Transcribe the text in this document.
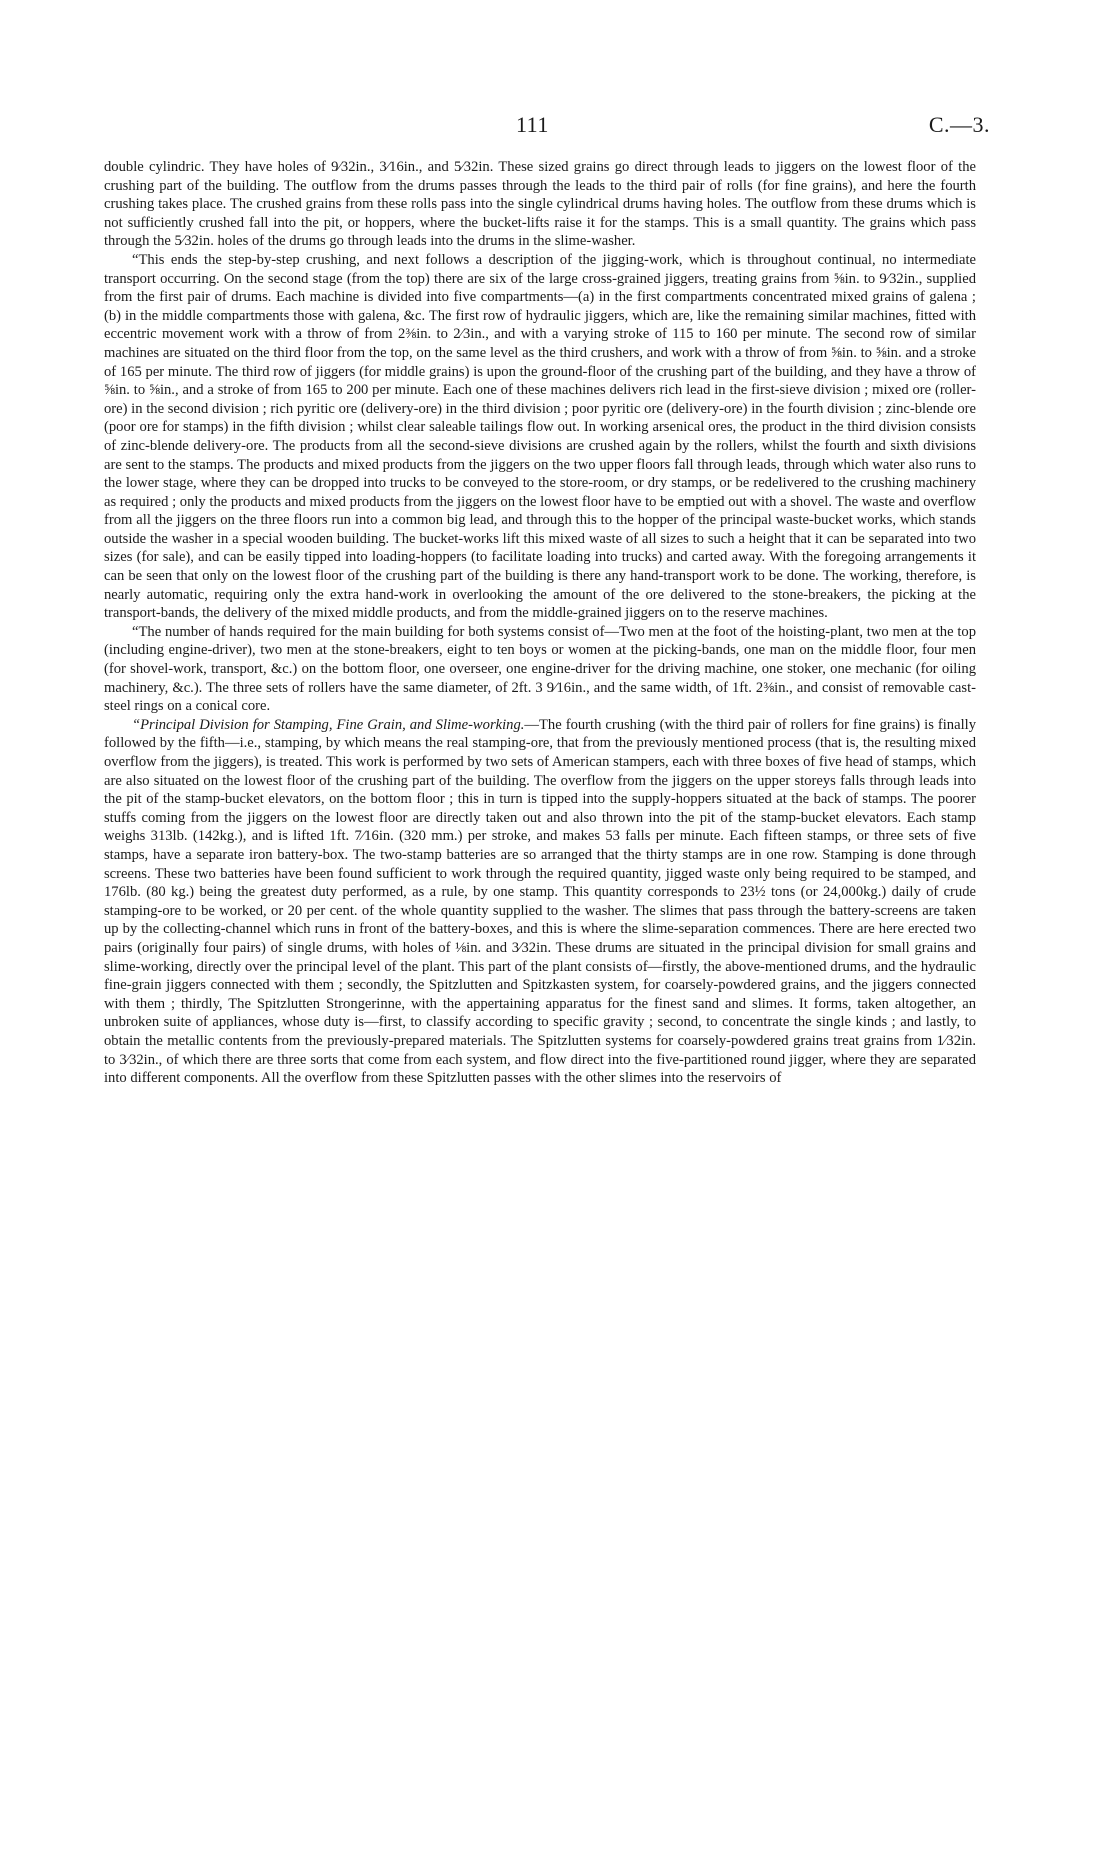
111	C.—3.

double cylindric. They have holes of 9⁄32in., 3⁄16in., and 5⁄32in. These sized grains go direct through leads to jiggers on the lowest floor of the crushing part of the building. The outflow from the drums passes through the leads to the third pair of rolls (for fine grains), and here the fourth crushing takes place. The crushed grains from these rolls pass into the single cylindrical drums having holes. The outflow from these drums which is not sufficiently crushed fall into the pit, or hoppers, where the bucket-lifts raise it for the stamps. This is a small quantity. The grains which pass through the 5⁄32in. holes of the drums go through leads into the drums in the slime-washer.

“This ends the step-by-step crushing, and next follows a description of the jigging-work, which is throughout continual, no intermediate transport occurring. On the second stage (from the top) there are six of the large cross-grained jiggers, treating grains from ⅝in. to 9⁄32in., supplied from the first pair of drums. Each machine is divided into five compartments—(a) in the first compartments concentrated mixed grains of galena ; (b) in the middle compartments those with galena, &c. The first row of hydraulic jiggers, which are, like the remaining similar machines, fitted with eccentric movement work with a throw of from 2⅜in. to 2⁄3in., and with a varying stroke of 115 to 160 per minute. The second row of similar machines are situated on the third floor from the top, on the same level as the third crushers, and work with a throw of from ⅝in. to ⅝in. and a stroke of 165 per minute. The third row of jiggers (for middle grains) is upon the ground-floor of the crushing part of the building, and they have a throw of ⅝in. to ⅝in., and a stroke of from 165 to 200 per minute. Each one of these machines delivers rich lead in the first-sieve division ; mixed ore (roller-ore) in the second division ; rich pyritic ore (delivery-ore) in the third division ; poor pyritic ore (delivery-ore) in the fourth division ; zinc-blende ore (poor ore for stamps) in the fifth division ; whilst clear saleable tailings flow out. In working arsenical ores, the product in the third division consists of zinc-blende delivery-ore. The products from all the second-sieve divisions are crushed again by the rollers, whilst the fourth and sixth divisions are sent to the stamps. The products and mixed products from the jiggers on the two upper floors fall through leads, through which water also runs to the lower stage, where they can be dropped into trucks to be conveyed to the store-room, or dry stamps, or be redelivered to the crushing machinery as required ; only the products and mixed products from the jiggers on the lowest floor have to be emptied out with a shovel. The waste and overflow from all the jiggers on the three floors run into a common big lead, and through this to the hopper of the principal waste-bucket works, which stands outside the washer in a special wooden building. The bucket-works lift this mixed waste of all sizes to such a height that it can be separated into two sizes (for sale), and can be easily tipped into loading-hoppers (to facilitate loading into trucks) and carted away. With the foregoing arrangements it can be seen that only on the lowest floor of the crushing part of the building is there any hand-transport work to be done. The working, therefore, is nearly automatic, requiring only the extra hand-work in overlooking the amount of the ore delivered to the stone-breakers, the picking at the transport-bands, the delivery of the mixed middle products, and from the middle-grained jiggers on to the reserve machines.

“The number of hands required for the main building for both systems consist of—Two men at the foot of the hoisting-plant, two men at the top (including engine-driver), two men at the stone-breakers, eight to ten boys or women at the picking-bands, one man on the middle floor, four men (for shovel-work, transport, &c.) on the bottom floor, one overseer, one engine-driver for the driving machine, one stoker, one mechanic (for oiling machinery, &c.). The three sets of rollers have the same diameter, of 2ft. 3 9⁄16in., and the same width, of 1ft. 2⅜in., and consist of removable cast-steel rings on a conical core.

“Principal Division for Stamping, Fine Grain, and Slime-working.—The fourth crushing (with the third pair of rollers for fine grains) is finally followed by the fifth—i.e., stamping, by which means the real stamping-ore, that from the previously mentioned process (that is, the resulting mixed overflow from the jiggers), is treated. This work is performed by two sets of American stampers, each with three boxes of five head of stamps, which are also situated on the lowest floor of the crushing part of the building. The overflow from the jiggers on the upper storeys falls through leads into the pit of the stamp-bucket elevators, on the bottom floor ; this in turn is tipped into the supply-hoppers situated at the back of stamps. The poorer stuffs coming from the jiggers on the lowest floor are directly taken out and also thrown into the pit of the stamp-bucket elevators. Each stamp weighs 313lb. (142kg.), and is lifted 1ft. 7⁄16in. (320 mm.) per stroke, and makes 53 falls per minute. Each fifteen stamps, or three sets of five stamps, have a separate iron battery-box. The two-stamp batteries are so arranged that the thirty stamps are in one row. Stamping is done through screens. These two batteries have been found sufficient to work through the required quantity, jigged waste only being required to be stamped, and 176lb. (80 kg.) being the greatest duty performed, as a rule, by one stamp. This quantity corresponds to 23½ tons (or 24,000kg.) daily of crude stamping-ore to be worked, or 20 per cent. of the whole quantity supplied to the washer. The slimes that pass through the battery-screens are taken up by the collecting-channel which runs in front of the battery-boxes, and this is where the slime-separation commences. There are here erected two pairs (originally four pairs) of single drums, with holes of ⅛in. and 3⁄32in. These drums are situated in the principal division for small grains and slime-working, directly over the principal level of the plant. This part of the plant consists of—firstly, the above-mentioned drums, and the hydraulic fine-grain jiggers connected with them ; secondly, the Spitzlutten and Spitzkasten system, for coarsely-powdered grains, and the jiggers connected with them ; thirdly, The Spitzlutten Strongerinne, with the appertaining apparatus for the finest sand and slimes. It forms, taken altogether, an unbroken suite of appliances, whose duty is—first, to classify according to specific gravity ; second, to concentrate the single kinds ; and lastly, to obtain the metallic contents from the previously-prepared materials. The Spitzlutten systems for coarsely-powdered grains treat grains from 1⁄32in. to 3⁄32in., of which there are three sorts that come from each system, and flow direct into the five-partitioned round jigger, where they are separated into different components. All the overflow from these Spitzlutten passes with the other slimes into the reservoirs of
